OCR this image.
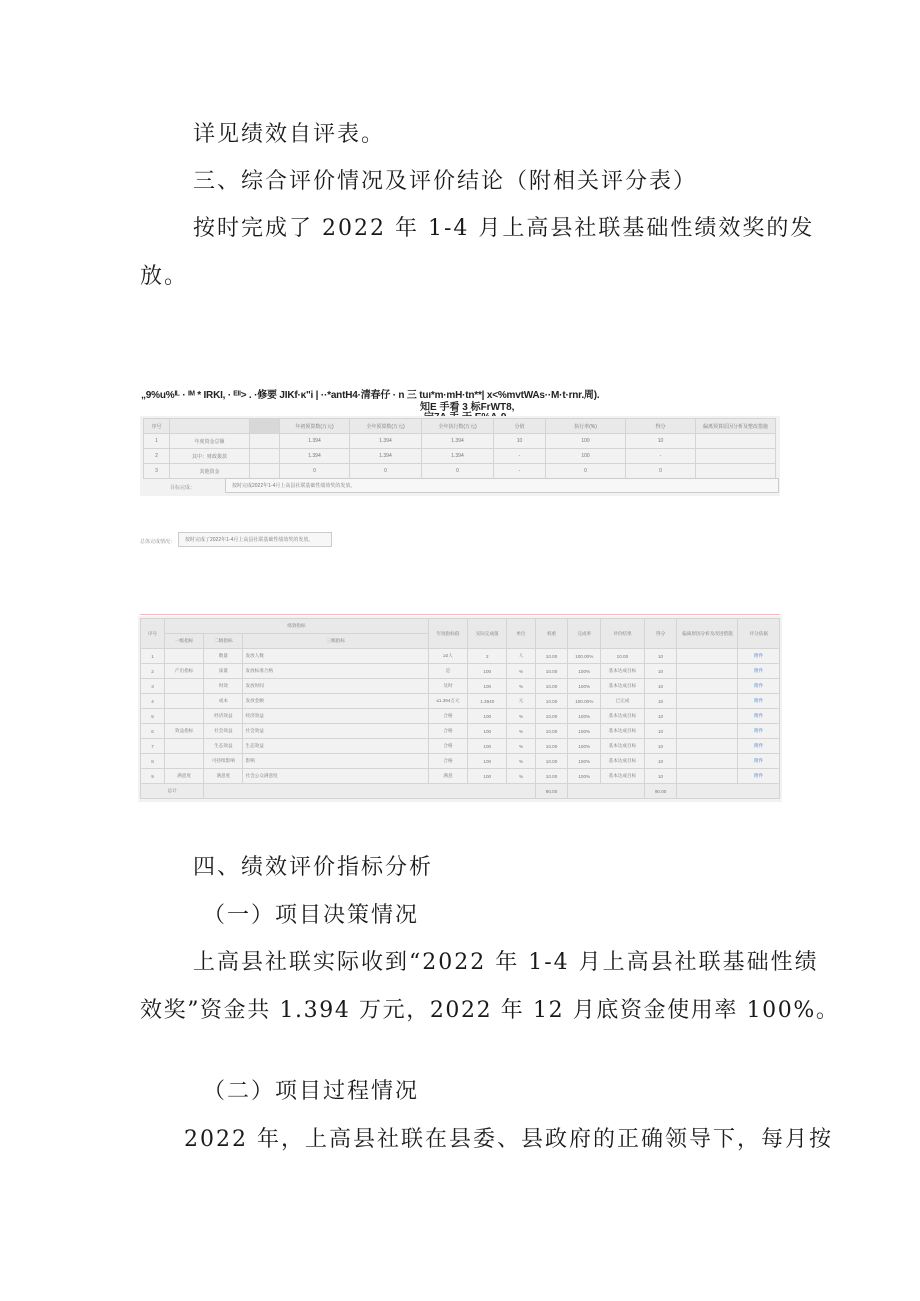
详见绩效自评表。
三、综合评价情况及评价结论（附相关评分表）
按时完成了 2022 年 1-4 月上高县社联基础性绩效奖的发
放。
„9%u%ᴵᴸ · ᴵᴹ * IRKI, · ᴱᴵᴵ> . ·修要 JIKf·κ"i | ··*antH4·清春仔 · n 三 tuı*m·mH·tn**| x<%mvtWAs··M·t·rnr.周).
知E 手看 3 标FrWT8,
序号			年初预算数(万元)	全年预算数(万元)	全年执行数(万元)	分值	执行率(%)	得分	偏离预算原因分析及整改措施
1	年度资金总额		1.394	1.394	1.394	10	100	10	
2	其中：财政拨款		1.394	1.394	1.394	-	100	-	
3	其他资金		0	0	0	-	0	0	
目标完成：	按时完成2022年1-4月上高县社联基础性绩效奖的发放。
总体完成情况：	按时完成了2022年1-4月上高县社联基础性绩效奖的发放。
序号	绩效指标			年度指标值	实际完成值	单位	权重	完成率	评价结果	得分	偏离原因分析及改进措施	评分依据
	一级指标	二级指标	三级指标									
1		数量	发放人数	≥2人	2	人	10.00	100.00%	10.00	10		附件
2	产出指标	质量	发放标准合格	是	100	%	10.00	100%	基本达成目标	10		附件
3		时效	发放时间	及时	100	%	10.00	100%	基本达成目标	10		附件
4		成本	发放金额	≤1.394万元	1.3940	元	10.00	100.00%	已完成	10		附件
5		经济效益	经济效益	合格	100	%	10.00	100%	基本达成目标	10		附件
6	效益指标	社会效益	社会效益	合格	100	%	10.00	100%	基本达成目标	10		附件
7		生态效益	生态效益	合格	100	%	10.00	100%	基本达成目标	10		附件
8		可持续影响	影响	合格	100	%	10.00	100%	基本达成目标	10		附件
9	满意度	满意度	社会公众满意度	满意	100	%	10.00	100%	基本达成目标	10		附件
总计							90.00			90.00		
四、绩效评价指标分析
（一）项目决策情况
上高县社联实际收到“2022 年 1-4 月上高县社联基础性绩
效奖”资金共 1.394 万元，2022 年 12 月底资金使用率 100%。
（二）项目过程情况
2022 年，上高县社联在县委、县政府的正确领导下，每月按
